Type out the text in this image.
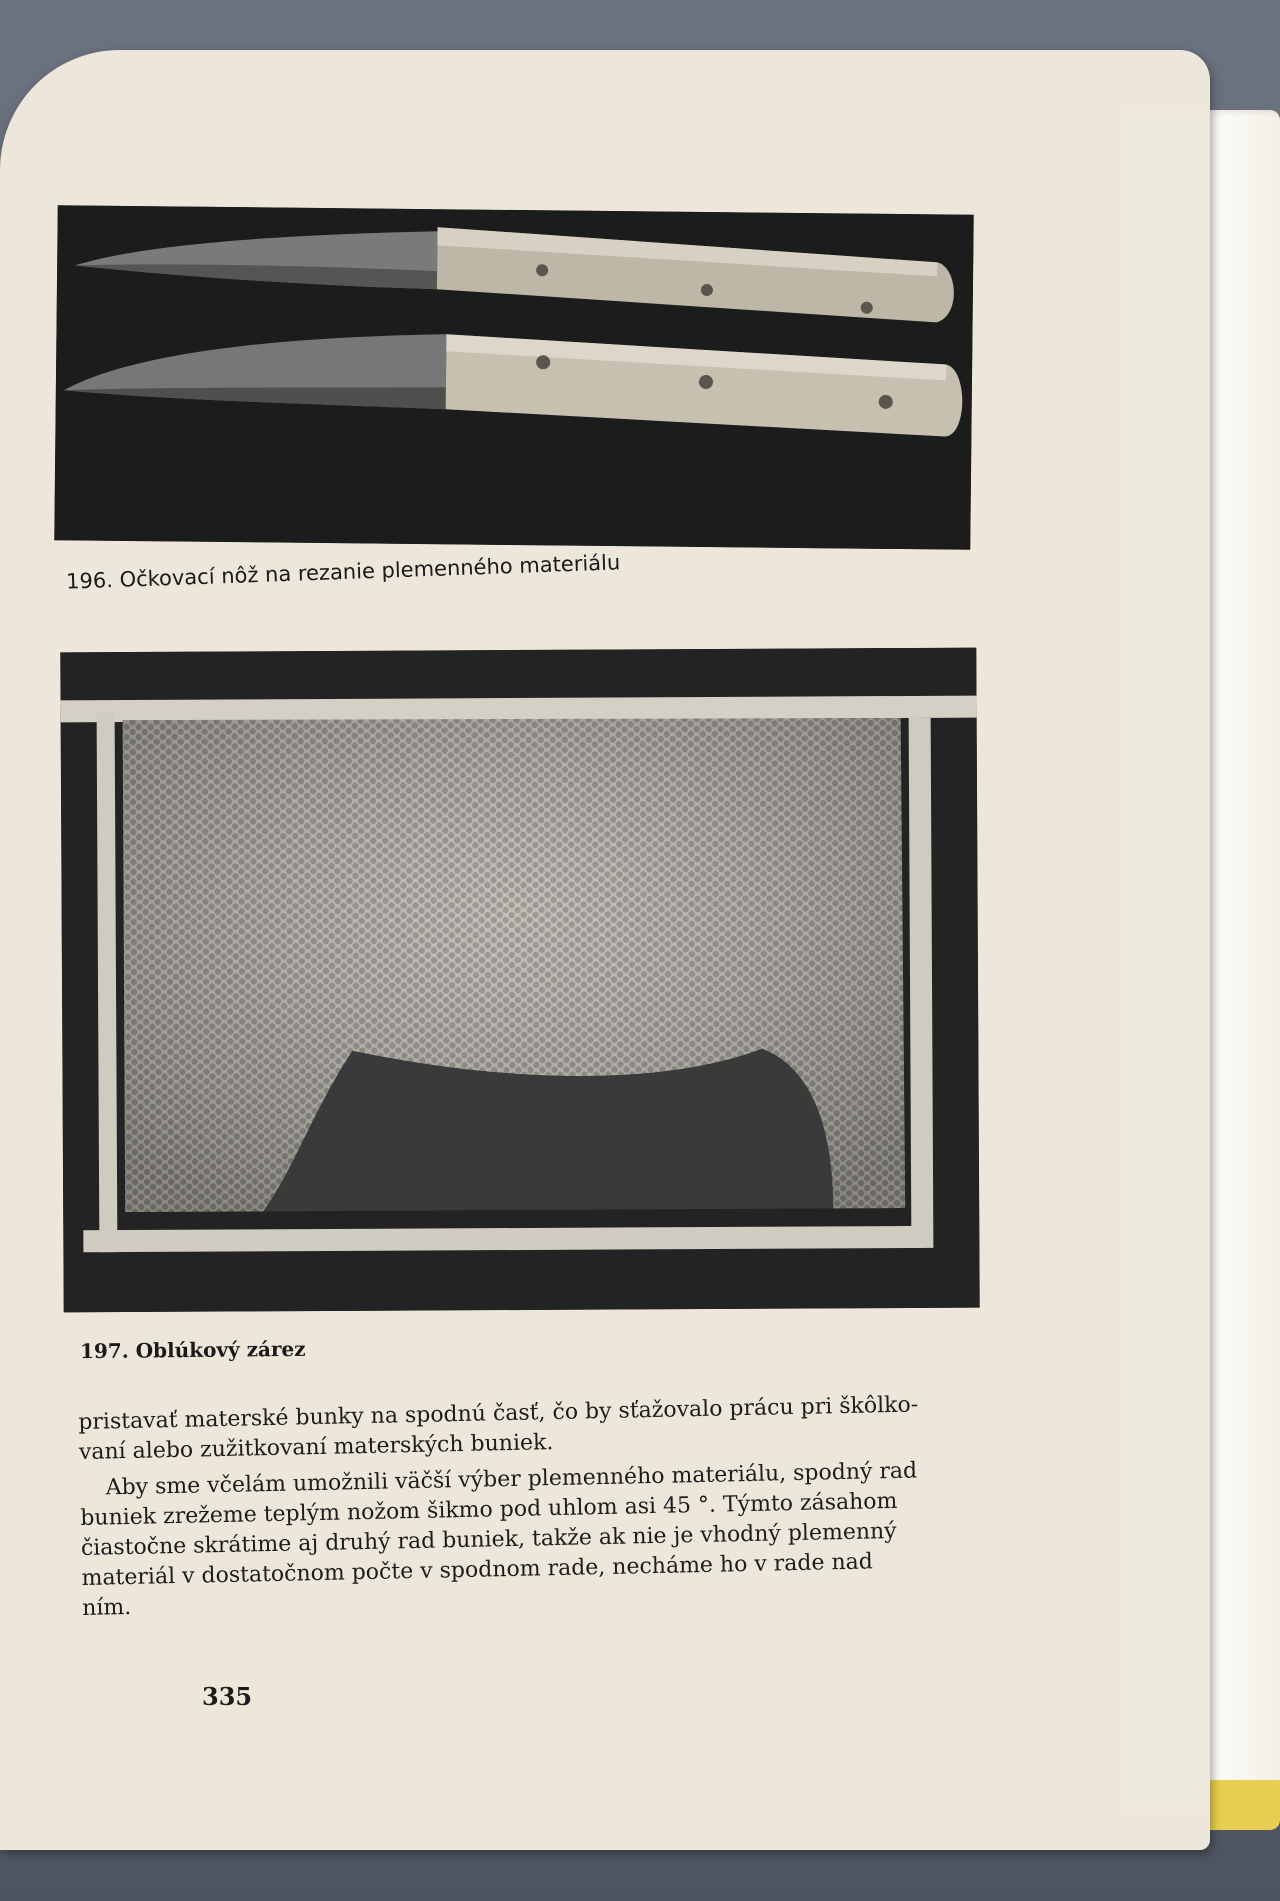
196. Očkovací nôž na rezanie plemenného materiálu
197. Oblúkový zárez
pristavať materské bunky na spodnú časť, čo by sťažovalo prácu pri škôlko-
vaní alebo zužitkovaní materských buniek.
Aby sme včelám umožnili väčší výber plemenného materiálu, spodný rad
buniek zrežeme teplým nožom šikmo pod uhlom asi 45 °. Týmto zásahom
čiastočne skrátime aj druhý rad buniek, takže ak nie je vhodný plemenný
materiál v dostatočnom počte v spodnom rade, necháme ho v rade nad
ním.
335
